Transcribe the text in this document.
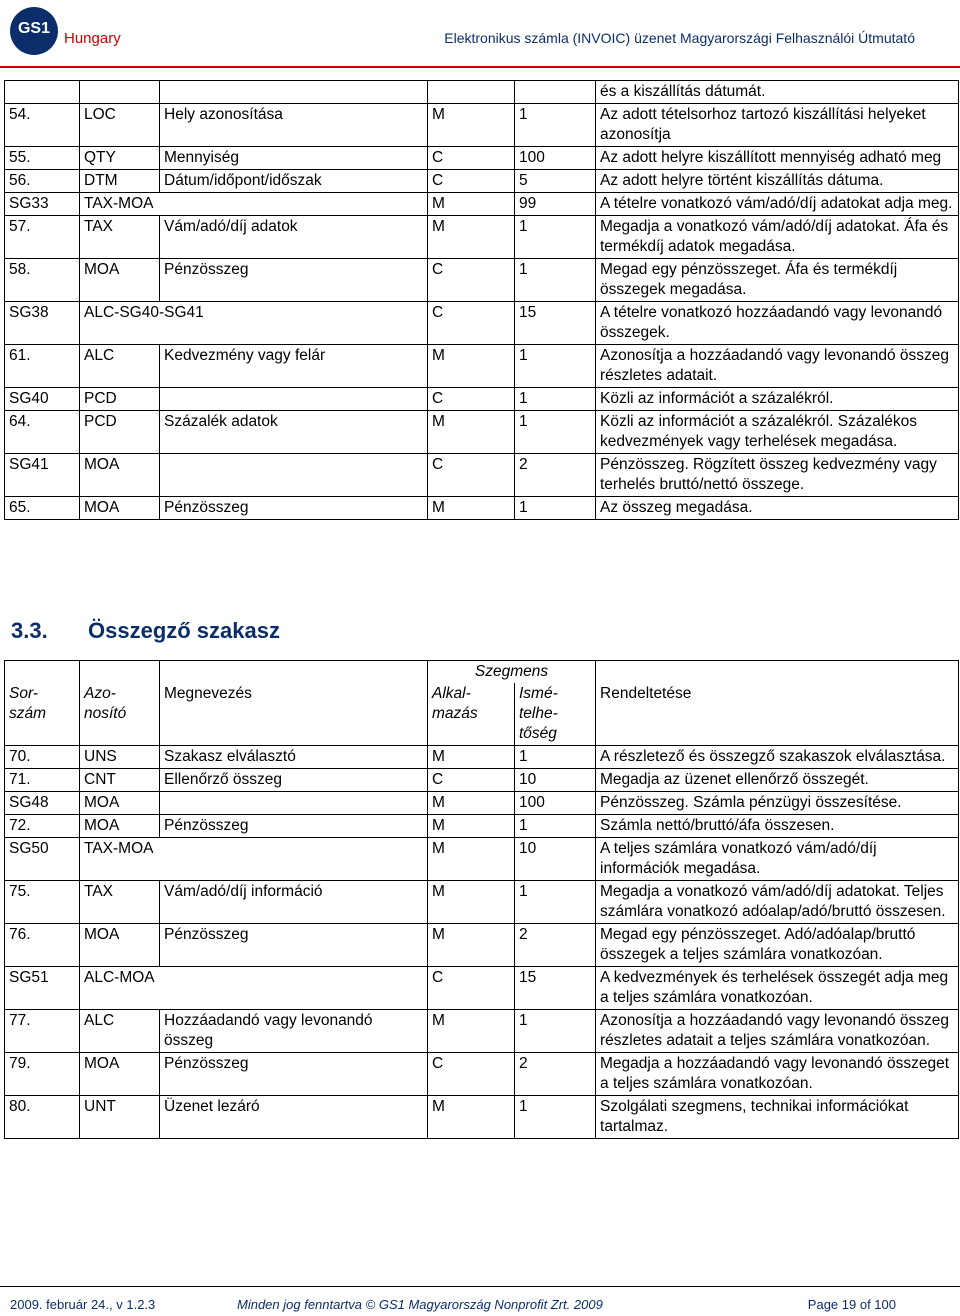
GS1
Hungary	Elektronikus számla (INVOIC) üzenet Magyarországi Felhasználói Útmutató
					és a kiszállítás dátumát.
54.	LOC	Hely azonosítása	M	1	Az adott tételsorhoz tartozó kiszállítási helyeket azonosítja
55.	QTY	Mennyiség	C	100	Az adott helyre kiszállított mennyiség adható meg
56.	DTM	Dátum/időpont/időszak	C	5	Az adott helyre történt kiszállítás dátuma.
SG33	TAX-MOA		M	99	A tételre vonatkozó vám/adó/díj adatokat adja meg.
57.	TAX	Vám/adó/díj adatok	M	1	Megadja a vonatkozó vám/adó/díj adatokat. Áfa és termékdíj adatok megadása.
58.	MOA	Pénzösszeg	C	1	Megad egy pénzösszeget. Áfa és termékdíj összegek megadása.
SG38	ALC-SG40-SG41		C	15	A tételre vonatkozó hozzáadandó vagy levonandó összegek.
61.	ALC	Kedvezmény vagy felár	M	1	Azonosítja a hozzáadandó vagy levonandó összeg részletes adatait.
SG40	PCD		C	1	Közli az információt a százalékról.
64.	PCD	Százalék adatok	M	1	Közli az információt a százalékról. Százalékos kedvezmények vagy terhelések megadása.
SG41	MOA		C	2	Pénzösszeg. Rögzített összeg kedvezmény vagy terhelés bruttó/nettó összege.
65.	MOA	Pénzösszeg	M	1	Az összeg megadása.
3.3. Összegző szakasz
			Szegmens		
Sor-szám	Azo-nosító	Megnevezés	Alkal-mazás	Ismé-telhe-tőség	Rendeltetése
70.	UNS	Szakasz elválasztó	M	1	A részletező és összegző szakaszok elválasztása.
71.	CNT	Ellenőrző összeg	C	10	Megadja az üzenet ellenőrző összegét.
SG48	MOA		M	100	Pénzösszeg. Számla pénzügyi összesítése.
72.	MOA	Pénzösszeg	M	1	Számla nettó/bruttó/áfa összesen.
SG50	TAX-MOA		M	10	A teljes számlára vonatkozó vám/adó/díj információk megadása.
75.	TAX	Vám/adó/díj információ	M	1	Megadja a vonatkozó vám/adó/díj adatokat. Teljes számlára vonatkozó adóalap/adó/bruttó összesen.
76.	MOA	Pénzösszeg	M	2	Megad egy pénzösszeget. Adó/adóalap/bruttó összegek a teljes számlára vonatkozóan.
SG51	ALC-MOA		C	15	A kedvezmények és terhelések összegét adja meg a teljes számlára vonatkozóan.
77.	ALC	Hozzáadandó vagy levonandó összeg	M	1	Azonosítja a hozzáadandó vagy levonandó összeg részletes adatait a teljes számlára vonatkozóan.
79.	MOA	Pénzösszeg	C	2	Megadja a hozzáadandó vagy levonandó összeget a teljes számlára vonatkozóan.
80.	UNT	Üzenet lezáró	M	1	Szolgálati szegmens, technikai információkat tartalmaz.
2009. február 24., v 1.2.3	Minden jog fenntartva © GS1 Magyarország Nonprofit Zrt. 2009	Page 19 of 100
